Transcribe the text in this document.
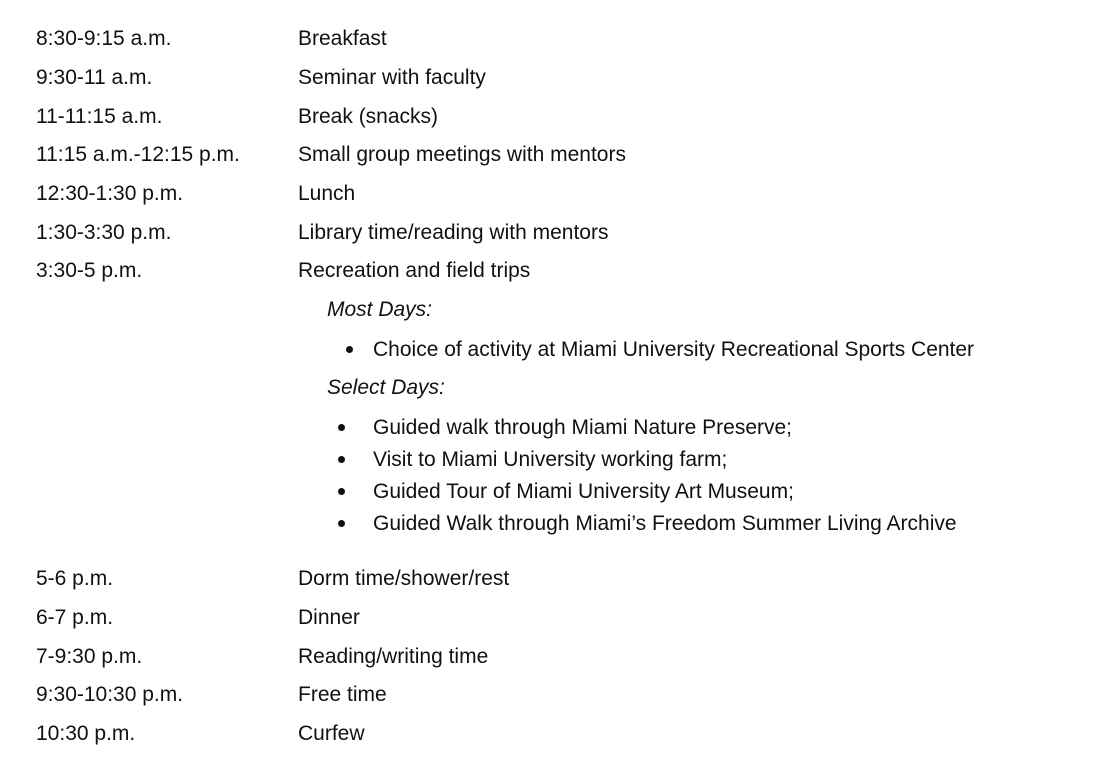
8:30-9:15 a.m.	Breakfast
9:30-11 a.m.	Seminar with faculty
11-11:15 a.m.	Break (snacks)
11:15 a.m.-12:15 p.m.	Small group meetings with mentors
12:30-1:30 p.m.	Lunch
1:30-3:30 p.m.	Library time/reading with mentors
3:30-5 p.m.	Recreation and field trips
Most Days:
Choice of activity at Miami University Recreational Sports Center
Select Days:
Guided walk through Miami Nature Preserve;
Visit to Miami University working farm;
Guided Tour of Miami University Art Museum;
Guided Walk through Miami’s Freedom Summer Living Archive
5-6 p.m.	Dorm time/shower/rest
6-7 p.m.	Dinner
7-9:30 p.m.	Reading/writing time
9:30-10:30 p.m.	Free time
10:30 p.m.	Curfew
